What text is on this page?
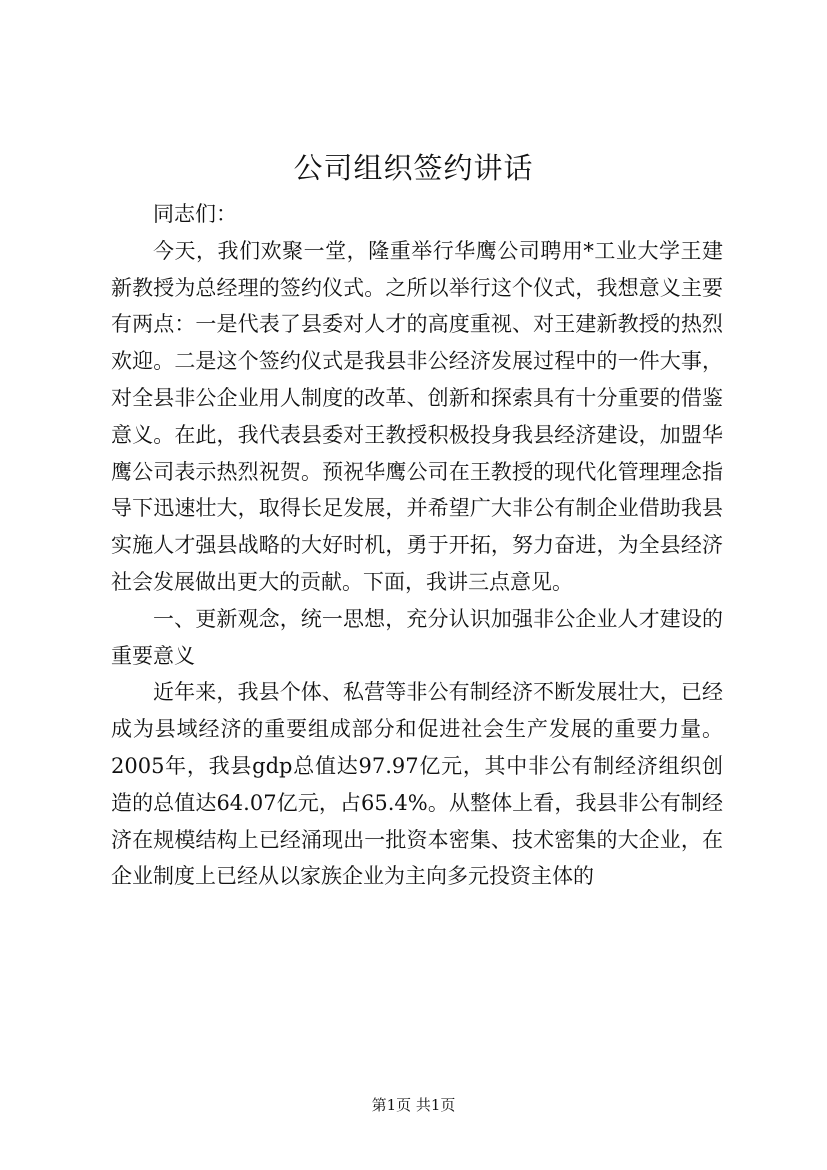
公司组织签约讲话

同志们：

今天，我们欢聚一堂，隆重举行华鹰公司聘用*工业大学王建新教授为总经理的签约仪式。之所以举行这个仪式，我想意义主要有两点：一是代表了县委对人才的高度重视、对王建新教授的热烈欢迎。二是这个签约仪式是我县非公经济发展过程中的一件大事，对全县非公企业用人制度的改革、创新和探索具有十分重要的借鉴意义。在此，我代表县委对王教授积极投身我县经济建设，加盟华鹰公司表示热烈祝贺。预祝华鹰公司在王教授的现代化管理理念指导下迅速壮大，取得长足发展，并希望广大非公有制企业借助我县实施人才强县战略的大好时机，勇于开拓，努力奋进，为全县经济社会发展做出更大的贡献。下面，我讲三点意见。

一、更新观念，统一思想，充分认识加强非公企业人才建设的重要意义

近年来，我县个体、私营等非公有制经济不断发展壮大，已经成为县域经济的重要组成部分和促进社会生产发展的重要力量。2005年，我县gdp总值达97.97亿元，其中非公有制经济组织创造的总值达64.07亿元，占65.4%。从整体上看，我县非公有制经济在规模结构上已经涌现出一批资本密集、技术密集的大企业，在企业制度上已经从以家族企业为主向多元投资主体的

第1页 共1页
